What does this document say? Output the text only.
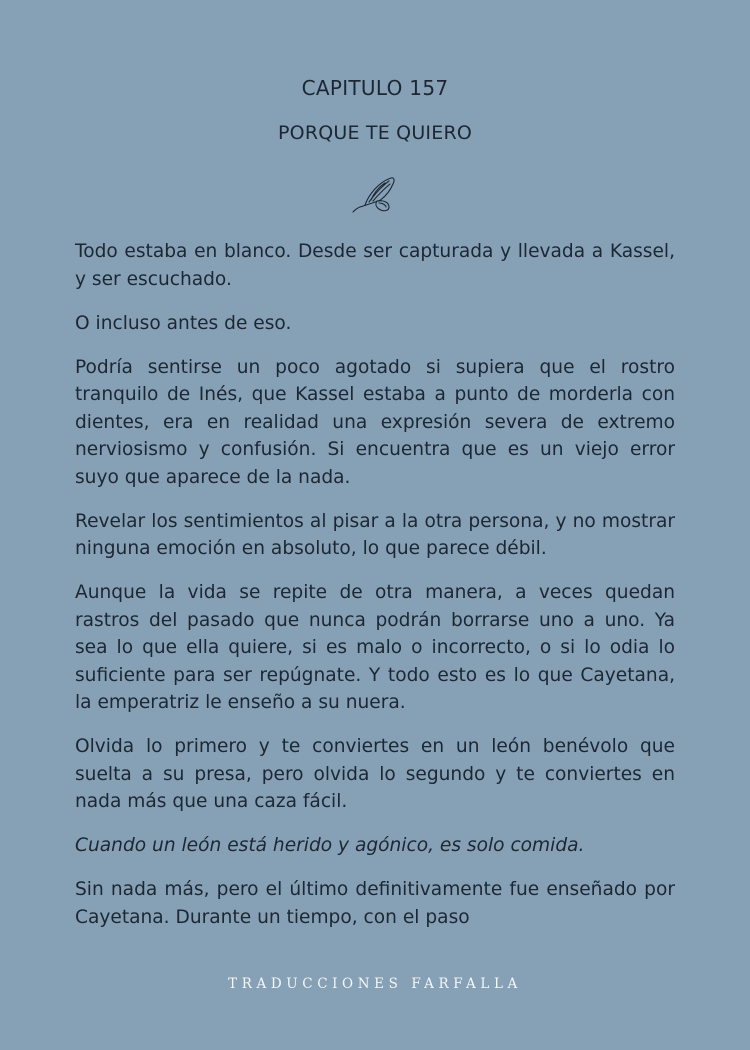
CAPITULO 157
PORQUE TE QUIERO

Todo estaba en blanco. Desde ser capturada y llevada a Kassel, y ser escuchado.

O incluso antes de eso.

Podría sentirse un poco agotado si supiera que el rostro tranquilo de Inés, que Kassel estaba a punto de morderla con dientes, era en realidad una expresión severa de extremo nerviosismo y confusión. Si encuentra que es un viejo error suyo que aparece de la nada.

Revelar los sentimientos al pisar a la otra persona, y no mostrar ninguna emoción en absoluto, lo que parece débil.

Aunque la vida se repite de otra manera, a veces quedan rastros del pasado que nunca podrán borrarse uno a uno. Ya sea lo que ella quiere, si es malo o incorrecto, o si lo odia lo suficiente para ser repúgnate. Y todo esto es lo que Cayetana, la emperatriz le enseño a su nuera.

Olvida lo primero y te conviertes en un león benévolo que suelta a su presa, pero olvida lo segundo y te conviertes en nada más que una caza fácil.

Cuando un león está herido y agónico, es solo comida.

Sin nada más, pero el último definitivamente fue enseñado por Cayetana. Durante un tiempo, con el paso

TRADUCCIONES FARFALLA
